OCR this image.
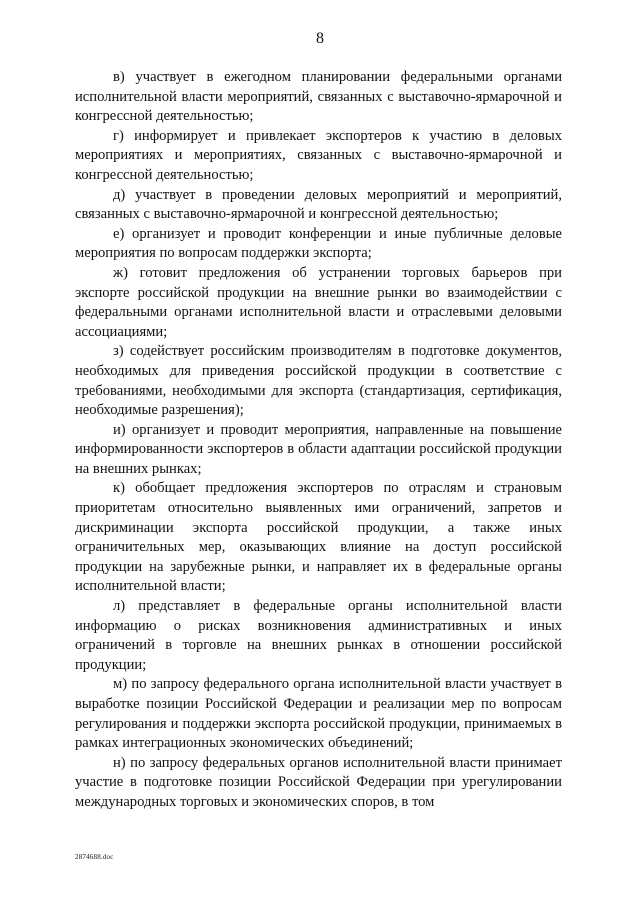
8

в) участвует в ежегодном планировании федеральными органами исполнительной власти мероприятий, связанных с выставочно-ярмарочной и конгрессной деятельностью;

г) информирует и привлекает экспортеров к участию в деловых мероприятиях и мероприятиях, связанных с выставочно-ярмарочной и конгрессной деятельностью;

д) участвует в проведении деловых мероприятий и мероприятий, связанных с выставочно-ярмарочной и конгрессной деятельностью;

е) организует и проводит конференции и иные публичные деловые мероприятия по вопросам поддержки экспорта;

ж) готовит предложения об устранении торговых барьеров при экспорте российской продукции на внешние рынки во взаимодействии с федеральными органами исполнительной власти и отраслевыми деловыми ассоциациями;

з) содействует российским производителям в подготовке документов, необходимых для приведения российской продукции в соответствие с требованиями, необходимыми для экспорта (стандартизация, сертификация, необходимые разрешения);

и) организует и проводит мероприятия, направленные на повышение информированности экспортеров в области адаптации российской продукции на внешних рынках;

к) обобщает предложения экспортеров по отраслям и страновым приоритетам относительно выявленных ими ограничений, запретов и дискриминации экспорта российской продукции, а также иных ограничительных мер, оказывающих влияние на доступ российской продукции на зарубежные рынки, и направляет их в федеральные органы исполнительной власти;

л) представляет в федеральные органы исполнительной власти информацию о рисках возникновения административных и иных ограничений в торговле на внешних рынках в отношении российской продукции;

м) по запросу федерального органа исполнительной власти участвует в выработке позиции Российской Федерации и реализации мер по вопросам регулирования и поддержки экспорта российской продукции, принимаемых в рамках интеграционных экономических объединений;

н) по запросу федеральных органов исполнительной власти принимает участие в подготовке позиции Российской Федерации при урегулировании международных торговых и экономических споров, в том

2874688.doc
